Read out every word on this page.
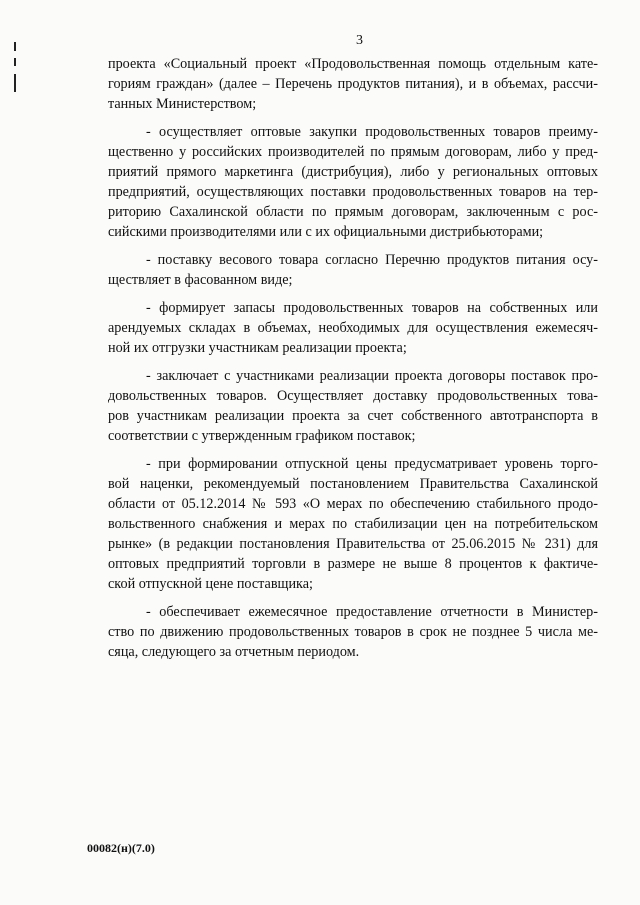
3
проекта «Социальный проект «Продовольственная помощь отдельным кате-
гориям граждан» (далее – Перечень продуктов питания), и в объемах, рассчи-
танных Министерством;
- осуществляет оптовые закупки продовольственных товаров преиму-
щественно у российских производителей по прямым договорам, либо у пред-
приятий прямого маркетинга (дистрибуция), либо у региональных оптовых
предприятий, осуществляющих поставки продовольственных товаров на тер-
риторию Сахалинской области по прямым договорам, заключенным с рос-
сийскими производителями или с их официальными дистрибьюторами;
- поставку весового товара согласно Перечню продуктов питания осу-
ществляет в фасованном виде;
- формирует запасы продовольственных товаров на собственных или
арендуемых складах в объемах, необходимых для осуществления ежемесяч-
ной их отгрузки участникам реализации проекта;
- заключает с участниками реализации проекта договоры поставок про-
довольственных товаров. Осуществляет доставку продовольственных това-
ров участникам реализации проекта за счет собственного автотранспорта в
соответствии с утвержденным графиком поставок;
- при формировании отпускной цены предусматривает уровень торго-
вой наценки, рекомендуемый постановлением Правительства Сахалинской
области от 05.12.2014 № 593 «О мерах по обеспечению стабильного продо-
вольственного снабжения и мерах по стабилизации цен на потребительском
рынке» (в редакции постановления Правительства от 25.06.2015 № 231) для
оптовых предприятий торговли в размере не выше 8 процентов к фактиче-
ской отпускной цене поставщика;
- обеспечивает ежемесячное предоставление отчетности в Министер-
ство по движению продовольственных товаров в срок не позднее 5 числа ме-
сяца, следующего за отчетным периодом.
00082(н)(7.0)
